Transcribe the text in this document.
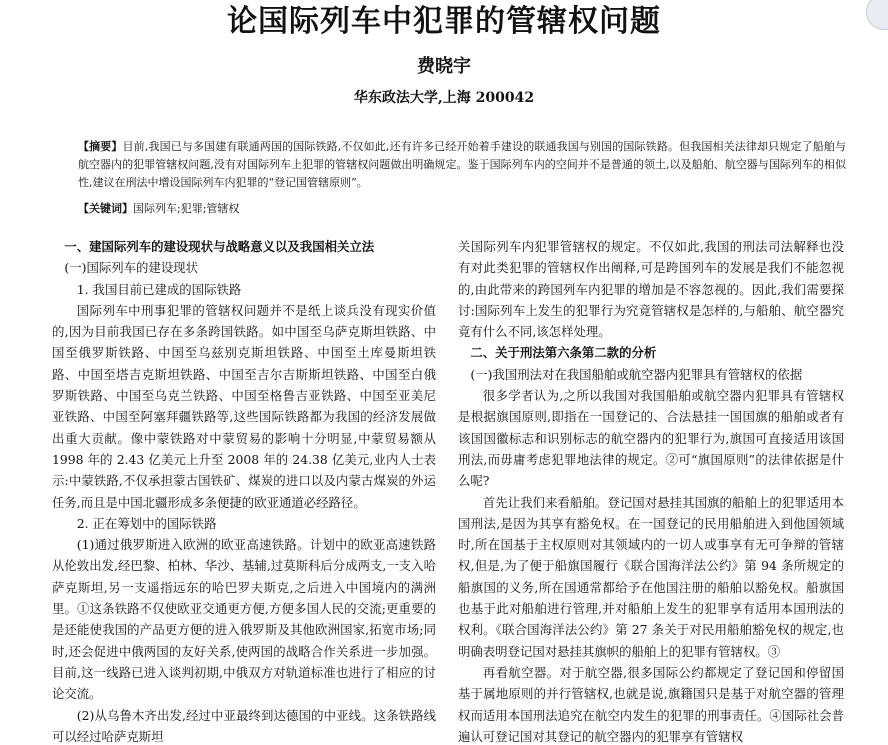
论国际列车中犯罪的管辖权问题
费晓宇
华东政法大学,上海 200042
【摘要】目前,我国已与多国建有联通两国的国际铁路,不仅如此,还有许多已经开始着手建设的联通我国与别国的国际铁路。但我国相关法律却只规定了船舶与航空器内的犯罪管辖权问题,没有对国际列车上犯罪的管辖权问题做出明确规定。鉴于国际列车内的空间并不是普通的领土,以及船舶、航空器与国际列车的相似性,建议在刑法中增设国际列车内犯罪的“登记国管辖原则”。
【关键词】国际列车;犯罪;管辖权
一、建国际列车的建设现状与战略意义以及我国相关立法
(一)国际列车的建设现状
1. 我国目前已建成的国际铁路

国际列车中刑事犯罪的管辖权问题并不是纸上谈兵没有现实价值的,因为目前我国已存在多条跨国铁路。如中国至乌萨克斯坦铁路、中国至俄罗斯铁路、中国至乌兹别克斯坦铁路、中国至土库曼斯坦铁路、中国至塔吉克斯坦铁路、中国至吉尔吉斯斯坦铁路、中国至白俄罗斯铁路、中国至乌克兰铁路、中国至格鲁吉亚铁路、中国至亚美尼亚铁路、中国至阿塞拜疆铁路等,这些国际铁路都为我国的经济发展做出重大贡献。像中蒙铁路对中蒙贸易的影响十分明显,中蒙贸易额从 1998 年的 2.43 亿美元上升至 2008 年的 24.38 亿美元,业内人士表示:中蒙铁路,不仅承担蒙古国铁矿、煤炭的进口以及内蒙古煤炭的外运任务,而且是中国北疆形成多条便捷的欧亚通道必经路径。

2. 正在筹划中的国际铁路

(1)通过俄罗斯进入欧洲的欧亚高速铁路。计划中的欧亚高速铁路从伦敦出发,经巴黎、柏林、华沙、基辅,过莫斯科后分成两支,一支入哈萨克斯坦,另一支遥指远东的哈巴罗夫斯克,之后进入中国境内的满洲里。①这条铁路不仅使欧亚交通更方便,方便多国人民的交流;更重要的是还能使我国的产品更方便的进入俄罗斯及其他欧洲国家,拓宽市场;同时,还会促进中俄两国的友好关系,使两国的战略合作关系进一步加强。目前,这一线路已进入谈判初期,中俄双方对轨道标准也进行了相应的讨论交流。

(2)从乌鲁木齐出发,经过中亚最终到达德国的中亚线。这条铁路线可以经过哈萨克斯坦

关国际列车内犯罪管辖权的规定。不仅如此,我国的刑法司法解释也没有对此类犯罪的管辖权作出阐释,可是跨国列车的发展是我们不能忽视的,由此带来的跨国列车内犯罪的增加是不容忽视的。因此,我们需要探讨:国际列车上发生的犯罪行为究竟管辖权是怎样的,与船舶、航空器究竟有什么不同,该怎样处理。

二、关于刑法第六条第二款的分析
(一)我国刑法对在我国船舶或航空器内犯罪具有管辖权的依据

很多学者认为,之所以我国对我国船舶或航空器内犯罪具有管辖权是根据旗国原则,即指在一国登记的、合法悬挂一国国旗的船舶或者有该国国徽标志和识别标志的航空器内的犯罪行为,旗国可直接适用该国刑法,而毋庸考虑犯罪地法律的规定。②可“旗国原则”的法律依据是什么呢?

首先让我们来看船舶。登记国对悬挂其国旗的船舶上的犯罪适用本国刑法,是因为其享有豁免权。在一国登记的民用船舶进入到他国领域时,所在国基于主权原则对其领域内的一切人或事享有无可争辩的管辖权,但是,为了便于船旗国履行《联合国海洋法公约》第 94 条所规定的船旗国的义务,所在国通常都给予在他国注册的船舶以豁免权。船旗国也基于此对船舶进行管理,并对船舶上发生的犯罪享有适用本国刑法的权利。《联合国海洋法公约》第 27 条关于对民用船舶豁免权的规定,也明确表明登记国对悬挂其旗帜的船舶上的犯罪有管辖权。③

再看航空器。对于航空器,很多国际公约都规定了登记国和停留国基于属地原则的并行管辖权,也就是说,旗籍国只是基于对航空器的管理权而适用本国刑法追究在航空内发生的犯罪的刑事责任。④国际社会普遍认可登记国对其登记的航空器内的犯罪享有管辖权
